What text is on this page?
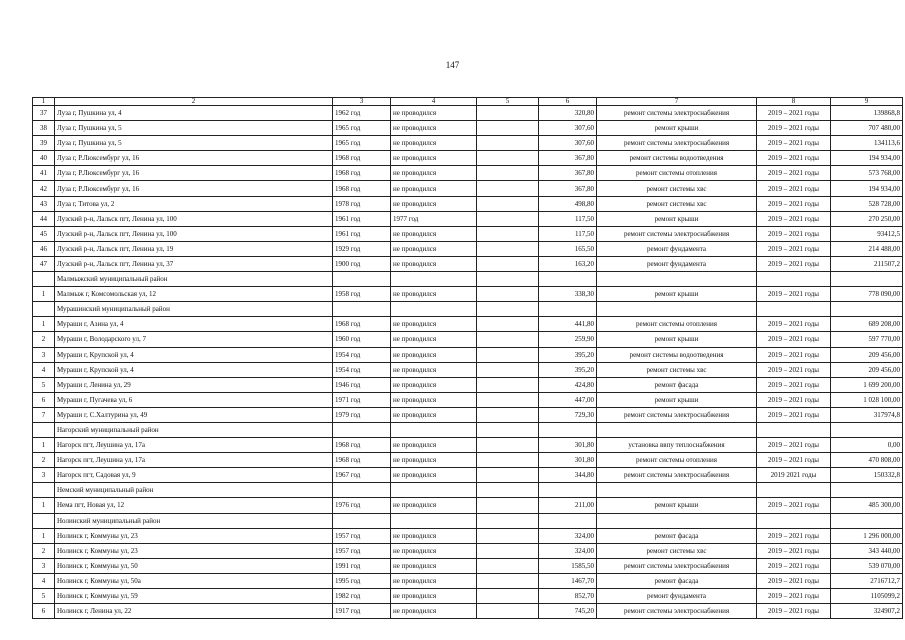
147
1	2	3	4	5	6	7	8	9
37	Луза г, Пушкина ул, 4	1962 год	не проводился		320,80	ремонт системы электроснабжения	2019 – 2021 годы	139868,8
38	Луза г, Пушкина ул, 5	1965 год	не проводился		307,60	ремонт крыши	2019 – 2021 годы	707 480,00
39	Луза г, Пушкина ул, 5	1965 год	не проводился		307,60	ремонт системы электроснабжения	2019 – 2021 годы	134113,6
40	Луза г, Р.Люксембург ул, 16	1968 год	не проводился		367,80	ремонт системы водоотведения	2019 – 2021 годы	194 934,00
41	Луза г, Р.Люксембург ул, 16	1968 год	не проводился		367,80	ремонт системы отопления	2019 – 2021 годы	573 768,00
42	Луза г, Р.Люксембург ул, 16	1968 год	не проводился		367,80	ремонт системы хвс	2019 – 2021 годы	194 934,00
43	Луза г, Титова ул, 2	1978 год	не проводился		498,80	ремонт системы хвс	2019 – 2021 годы	528 728,00
44	Лузский р-н, Лальск пгт, Ленина ул, 100	1961 год	1977 год		117,50	ремонт крыши	2019 – 2021 годы	270 250,00
45	Лузский р-н, Лальск пгт, Ленина ул, 100	1961 год	не проводился		117,50	ремонт системы электроснабжения	2019 – 2021 годы	93412,5
46	Лузский р-н, Лальск пгт, Ленина ул, 19	1929 год	не проводился		165,50	ремонт фундамента	2019 – 2021 годы	214 488,00
47	Лузский р-н, Лальск пгт, Ленина ул, 37	1900 год	не проводился		163,20	ремонт фундамента	2019 – 2021 годы	211507,2
	Малмыжский муниципальный район							
1	Малмыж г, Комсомольская ул, 12	1958 год	не проводился		338,30	ремонт крыши	2019 – 2021 годы	778 090,00
	Мурашинский муниципальный район							
1	Мураши г, Азина ул, 4	1968 год	не проводился		441,80	ремонт системы отопления	2019 – 2021 годы	689 208,00
2	Мураши г, Володарского ул, 7	1960 год	не проводился		259,90	ремонт крыши	2019 – 2021 годы	597 770,00
3	Мураши г, Крупской ул, 4	1954 год	не проводился		395,20	ремонт системы водоотведения	2019 – 2021 годы	209 456,00
4	Мураши г, Крупской ул, 4	1954 год	не проводился		395,20	ремонт системы хвс	2019 – 2021 годы	209 456,00
5	Мураши г, Ленина ул, 29	1946 год	не проводился		424,80	ремонт фасада	2019 – 2021 годы	1 699 200,00
6	Мураши г, Пугачева ул, 6	1971 год	не проводился		447,00	ремонт крыши	2019 – 2021 годы	1 028 100,00
7	Мураши г, С.Халтурина ул, 49	1979 год	не проводился		729,30	ремонт системы электроснабжения	2019 – 2021 годы	317974,8
	Нагорский муниципальный район							
1	Нагорск пгт, Леушина ул, 17а	1968 год	не проводился		301,80	установка ввпу теплоснабжения	2019 – 2021 годы	0,00
2	Нагорск пгт, Леушина ул, 17а	1968 год	не проводился		301,80	ремонт системы отопления	2019 – 2021 годы	470 808,00
3	Нагорск пгт, Садовая ул, 9	1967 год	не проводился		344,80	ремонт системы электроснабжения	2019 2021 годы	150332,8
	Немский муниципальный район							
1	Нема пгт, Новая ул, 12	1976 год	не проводился		211,00	ремонт крыши	2019 – 2021 годы	485 300,00
	Нолинский муниципальный район							
1	Нолинск г, Коммуны ул, 23	1957 год	не проводился		324,00	ремонт фасада	2019 – 2021 годы	1 296 000,00
2	Нолинск г, Коммуны ул, 23	1957 год	не проводился		324,00	ремонт системы хвс	2019 – 2021 годы	343 440,00
3	Нолинск г, Коммуны ул, 50	1991 год	не проводился		1585,50	ремонт системы электроснабжения	2019 – 2021 годы	539 070,00
4	Нолинск г, Коммуны ул, 50а	1995 год	не проводился		1467,70	ремонт фасада	2019 – 2021 годы	2716712,7
5	Нолинск г, Коммуны ул, 59	1982 год	не проводился		852,70	ремонт фундамента	2019 – 2021 годы	1105099,2
6	Нолинск г, Ленина ул, 22	1917 год	не проводился		745,20	ремонт системы электроснабжения	2019 – 2021 годы	324907,2
